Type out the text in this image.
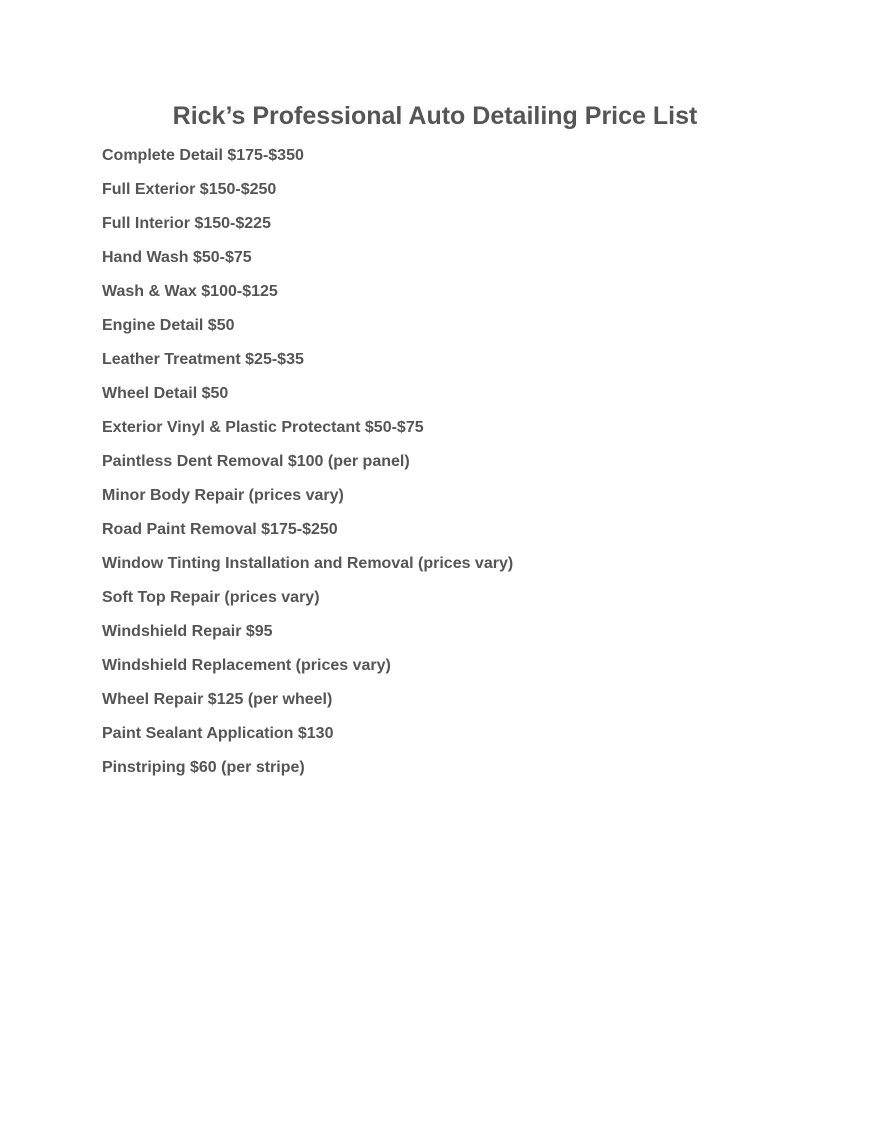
Rick’s Professional Auto Detailing Price List
Complete Detail $175-$350
Full Exterior $150-$250
Full Interior $150-$225
Hand Wash $50-$75
Wash & Wax $100-$125
Engine Detail $50
Leather Treatment $25-$35
Wheel Detail $50
Exterior Vinyl & Plastic Protectant $50-$75
Paintless Dent Removal $100 (per panel)
Minor Body Repair (prices vary)
Road Paint Removal $175-$250
Window Tinting Installation and Removal (prices vary)
Soft Top Repair (prices vary)
Windshield Repair $95
Windshield Replacement (prices vary)
Wheel Repair $125 (per wheel)
Paint Sealant Application $130
Pinstriping $60 (per stripe)
